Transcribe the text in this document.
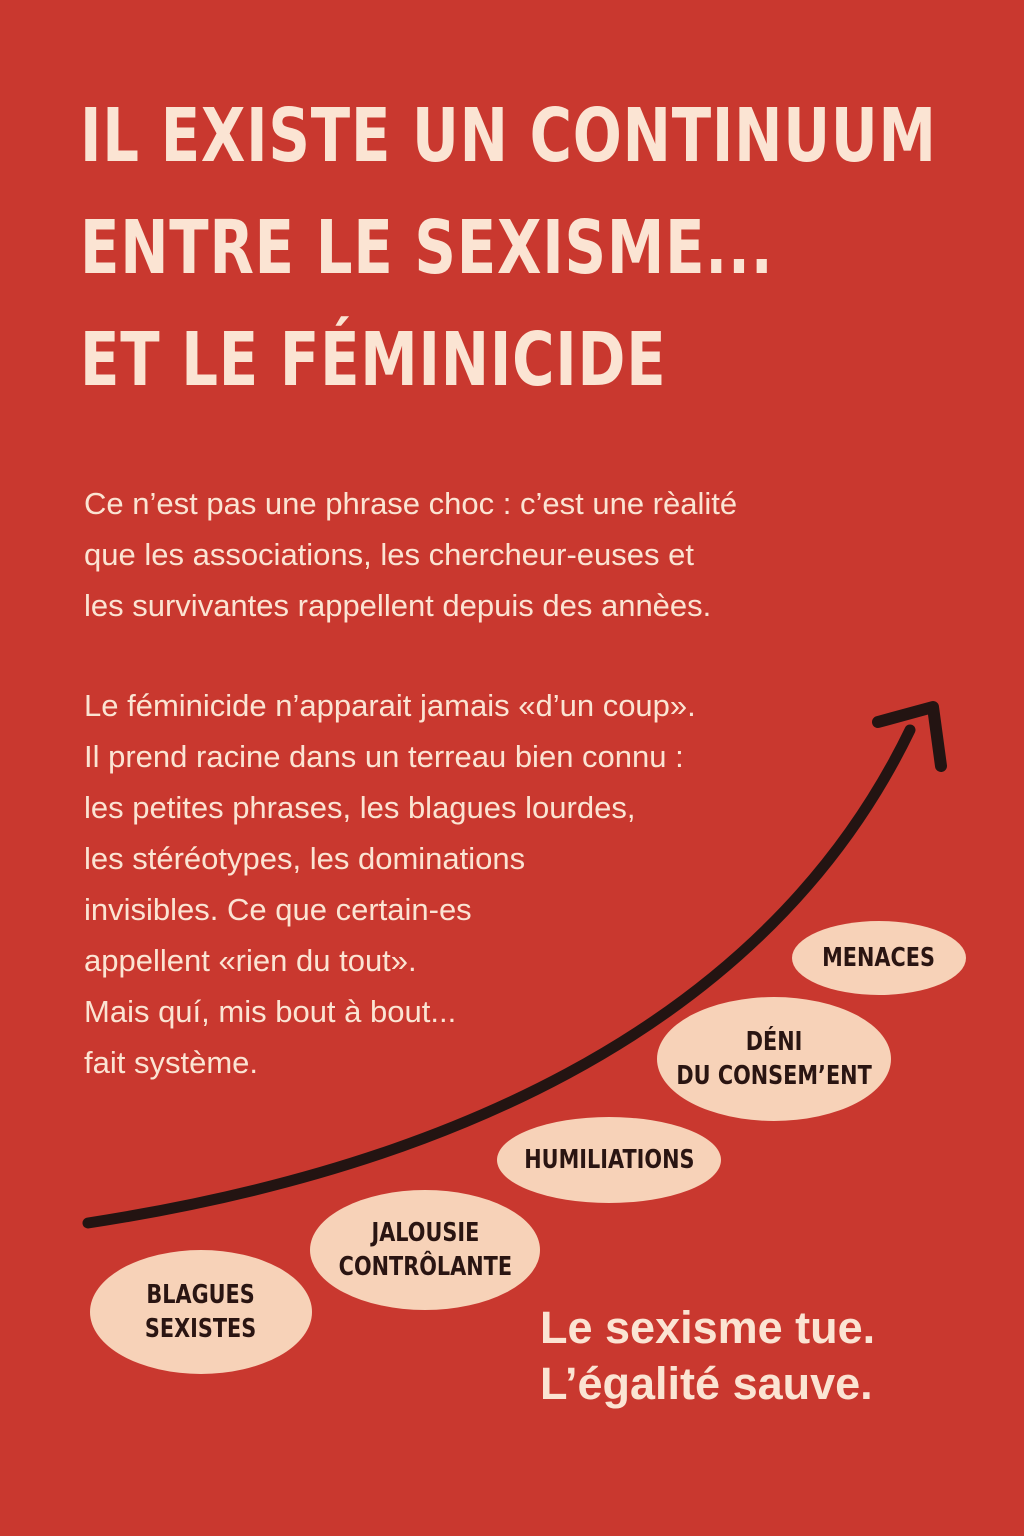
IL EXISTE UN CONTINUUM
ENTRE LE SEXISME...
ET LE FÉMINICIDE

Ce n’est pas une phrase choc : c’est une rèalité
que les associations, les chercheur-euses et
les survivantes rappellent depuis des annèes.

Le féminicide n’apparait jamais «d’un coup».
Il prend racine dans un terreau bien connu :
les petites phrases, les blagues lourdes,
les stéréotypes, les dominations
invisibles. Ce que certain-es
appellent «rien du tout».
Mais quí, mis bout à bout...
fait système.

BLAGUES
SEXISTES
JALOUSIE
CONTRÔLANTE
HUMILIATIONS
DÉNI
DU CONSEM’ENT
MENACES

Le sexisme tue.
L’égalité sauve.
